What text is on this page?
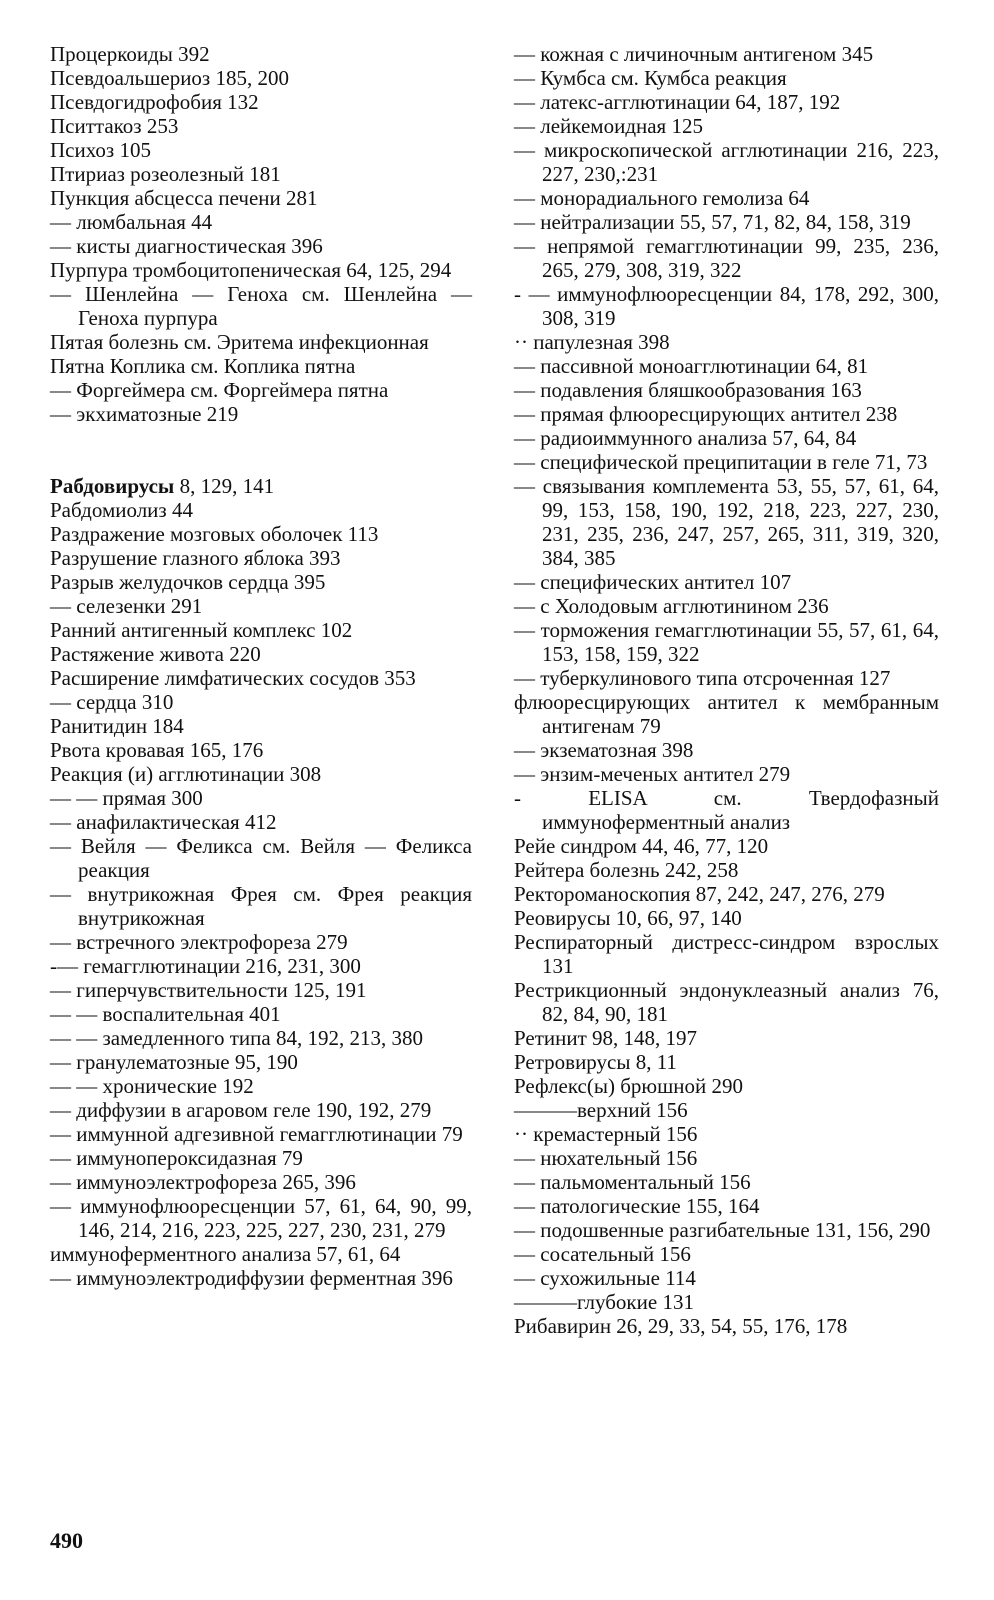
Процеркоиды 392

Псевдоальшериоз 185, 200

Псевдогидрофобия 132

Пситтакоз 253

Психоз 105

Птириаз розеолезный 181

Пункция абсцесса печени 281

— люмбальная 44

— кисты диагностическая 396

Пурпура тромбоцитопеническая 64, 125, 294

— Шенлейна — Геноха см. Шенлейна — Геноха пурпура

Пятая болезнь см. Эритема инфекционная

Пятна Коплика см. Коплика пятна

— Форгеймера см. Форгеймера пятна

— экхиматозные 219

Рабдовирусы 8, 129, 141

Рабдомиолиз 44

Раздражение мозговых оболочек 113

Разрушение глазного яблока 393

Разрыв желудочков сердца 395

— селезенки 291

Ранний антигенный комплекс 102

Растяжение живота 220

Расширение лимфатических сосудов 353

— сердца 310

Ранитидин 184

Рвота кровавая 165, 176

Реакция (и) агглютинации 308

— — прямая 300

— анафилактическая 412

— Вейля — Феликса см. Вейля — Феликса реакция

— внутрикожная Фрея см. Фрея реакция внутрикожная

— встречного электрофореза 279

-— гемагглютинации 216, 231, 300

— гиперчувствительности 125, 191

— — воспалительная 401

— — замедленного типа 84, 192, 213, 380

— гранулематозные 95, 190

— — хронические 192

— диффузии в агаровом геле 190, 192, 279

— иммунной адгезивной гемагглютинации 79

— иммунопероксидазная 79

— иммуноэлектрофореза 265, 396

— иммунофлюоресценции 57, 61, 64, 90, 99, 146, 214, 216, 223, 225, 227, 230, 231, 279

иммуноферментного анализа 57, 61, 64

— иммуноэлектродиффузии ферментная 396

— кожная с личиночным антигеном 345

— Кумбса см. Кумбса реакция

— латекс-агглютинации 64, 187, 192

— лейкемоидная 125

— микроскопической агглютинации 216, 223, 227, 230,:231

— монорадиального гемолиза 64

— нейтрализации 55, 57, 71, 82, 84, 158, 319

— непрямой гемагглютинации 99, 235, 236, 265, 279, 308, 319, 322

- — иммунофлюоресценции 84, 178, 292, 300, 308, 319

·· папулезная 398

— пассивной моноагглютинации 64, 81

— подавления бляшкообразования 163

— прямая флюоресцирующих антител 238

— радиоиммунного анализа 57, 64, 84

— специфической преципитации в геле 71, 73

— связывания комплемента 53, 55, 57, 61, 64, 99, 153, 158, 190, 192, 218, 223, 227, 230, 231, 235, 236, 247, 257, 265, 311, 319, 320, 384, 385

— специфических антител 107

— с Холодовым агглютинином 236

— торможения гемагглютинации 55, 57, 61, 64, 153, 158, 159, 322

— туберкулинового типа отсроченная 127

флюоресцирующих антител к мембранным антигенам 79

— экзематозная 398

— энзим-меченых антител 279

- ELISA см. Твердофазный иммуноферментный анализ

Рейе синдром 44, 46, 77, 120

Рейтера болезнь 242, 258

Ректороманоскопия 87, 242, 247, 276, 279

Реовирусы 10, 66, 97, 140

Респираторный дистресс-синдром взрослых 131

Рестрикционный эндонуклеазный анализ 76, 82, 84, 90, 181

Ретинит 98, 148, 197

Ретровирусы 8, 11

Рефлекс(ы) брюшной 290

———верхний 156

·· кремастерный 156

— нюхательный 156

— пальмоментальный 156

— патологические 155, 164

— подошвенные разгибательные 131, 156, 290

— сосательный 156

— сухожильные 114

———глубокие 131

Рибавирин 26, 29, 33, 54, 55, 176, 178

490
